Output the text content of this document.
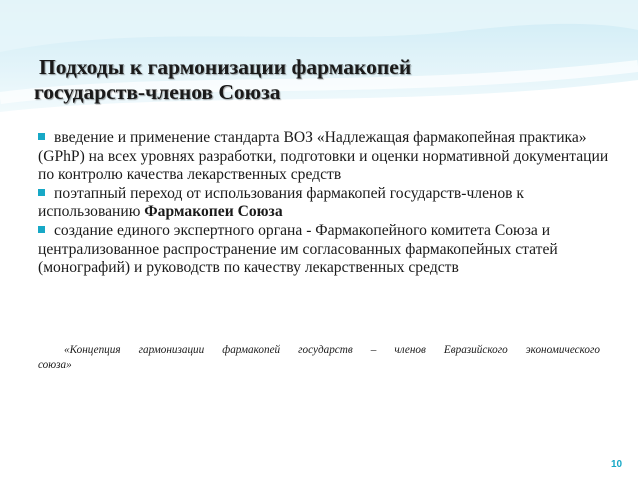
Подходы к гармонизации фармакопей
государств-членов Союза
введение и применение стандарта ВОЗ «Надлежащая фармакопейная практика» (GPhP) на всех уровнях разработки, подготовки и оценки нормативной документации по контролю качества лекарственных средств
поэтапный переход от использования фармакопей государств-членов к использованию Фармакопеи Союза
создание единого экспертного органа - Фармакопейного комитета Союза и централизованное распространение им согласованных фармакопейных статей (монографий) и руководств по качеству лекарственных средств

«Концепция гармонизации фармакопей государств – членов Евразийского экономического союза»

10
